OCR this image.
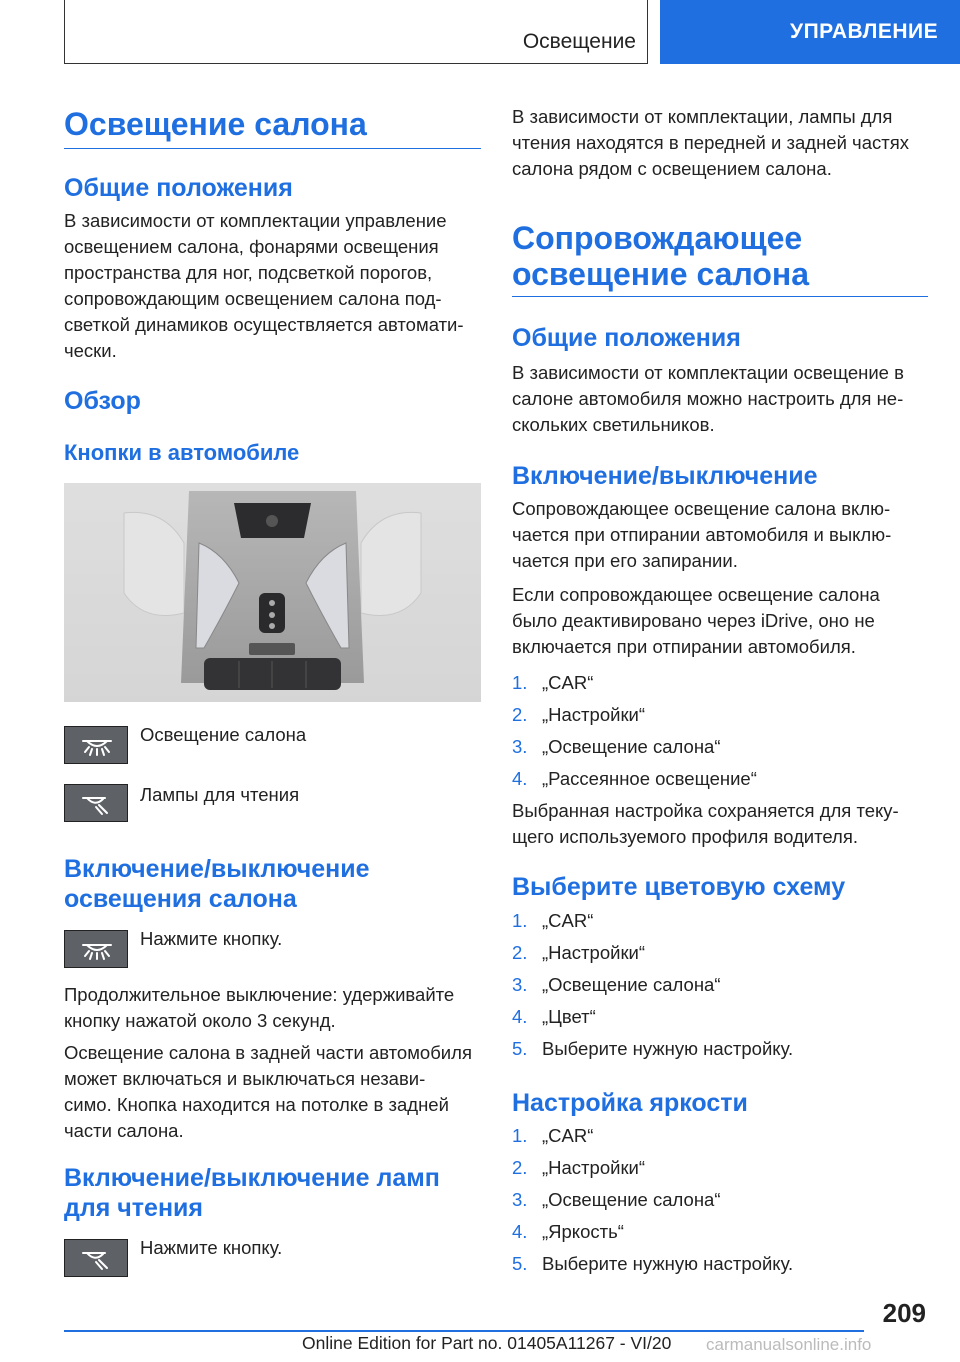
Освещение	УПРАВЛЕНИЕ
Освещение салона
Общие положения
В зависимости от комплектации управление
освещением салона, фонарями освещения
пространства для ног, подсветкой порогов,
сопровождающим освещением салона под-
светкой динамиков осуществляется автомати-
чески.
Обзор
Кнопки в автомобиле
Освещение салона
Лампы для чтения
Включение/выключение
освещения салона
Нажмите кнопку.
Продолжительное выключение: удерживайте
кнопку нажатой около 3 секунд.
Освещение салона в задней части автомобиля
может включаться и выключаться незави-
симо. Кнопка находится на потолке в задней
части салона.
Включение/выключение ламп
для чтения
Нажмите кнопку.
В зависимости от комплектации, лампы для
чтения находятся в передней и задней частях
салона рядом с освещением салона.
Сопровождающее
освещение салона
Общие положения
В зависимости от комплектации освещение в
салоне автомобиля можно настроить для не-
скольких светильников.
Включение/выключение
Сопровождающее освещение салона вклю-
чается при отпирании автомобиля и выклю-
чается при его запирании.
Если сопровождающее освещение салона
было деактивировано через iDrive, оно не
включается при отпирании автомобиля.
1. „CAR“
2. „Настройки“
3. „Освещение салона“
4. „Рассеянное освещение“
Выбранная настройка сохраняется для теку-
щего используемого профиля водителя.
Выберите цветовую схему
1. „CAR“
2. „Настройки“
3. „Освещение салона“
4. „Цвет“
5. Выберите нужную настройку.
Настройка яркости
1. „CAR“
2. „Настройки“
3. „Освещение салона“
4. „Яркость“
5. Выберите нужную настройку.
209
Online Edition for Part no. 01405A11267 - VI/20 carmanualsonline.info
